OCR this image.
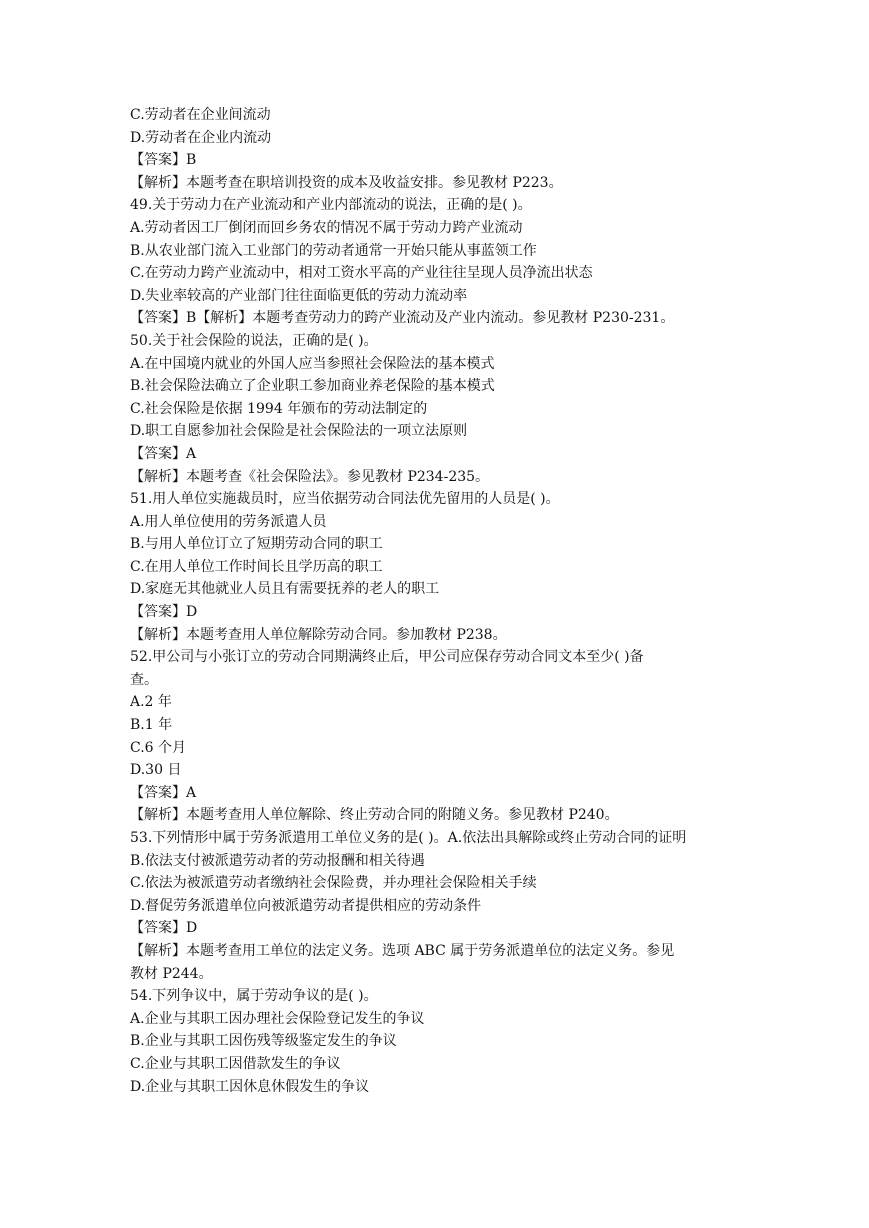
C.劳动者在企业间流动
D.劳动者在企业内流动
【答案】B
【解析】本题考查在职培训投资的成本及收益安排。参见教材 P223。
49.关于劳动力在产业流动和产业内部流动的说法，正确的是( )。
A.劳动者因工厂倒闭而回乡务农的情况不属于劳动力跨产业流动
B.从农业部门流入工业部门的劳动者通常一开始只能从事蓝领工作
C.在劳动力跨产业流动中，相对工资水平高的产业往往呈现人员净流出状态
D.失业率较高的产业部门往往面临更低的劳动力流动率
【答案】B【解析】本题考查劳动力的跨产业流动及产业内流动。参见教材 P230-231。
50.关于社会保险的说法，正确的是( )。
A.在中国境内就业的外国人应当参照社会保险法的基本模式
B.社会保险法确立了企业职工参加商业养老保险的基本模式
C.社会保险是依据 1994 年颁布的劳动法制定的
D.职工自愿参加社会保险是社会保险法的一项立法原则
【答案】A
【解析】本题考查《社会保险法》。参见教材 P234-235。
51.用人单位实施裁员时，应当依据劳动合同法优先留用的人员是( )。
A.用人单位使用的劳务派遣人员
B.与用人单位订立了短期劳动合同的职工
C.在用人单位工作时间长且学历高的职工
D.家庭无其他就业人员且有需要抚养的老人的职工
【答案】D
【解析】本题考查用人单位解除劳动合同。参加教材 P238。
52.甲公司与小张订立的劳动合同期满终止后，甲公司应保存劳动合同文本至少( )备
查。
A.2 年
B.1 年
C.6 个月
D.30 日
【答案】A
【解析】本题考查用人单位解除、终止劳动合同的附随义务。参见教材 P240。
53.下列情形中属于劳务派遣用工单位义务的是( )。A.依法出具解除或终止劳动合同的证明
B.依法支付被派遣劳动者的劳动报酬和相关待遇
C.依法为被派遣劳动者缴纳社会保险费，并办理社会保险相关手续
D.督促劳务派遣单位向被派遣劳动者提供相应的劳动条件
【答案】D
【解析】本题考查用工单位的法定义务。选项 ABC 属于劳务派遣单位的法定义务。参见
教材 P244。
54.下列争议中，属于劳动争议的是( )。
A.企业与其职工因办理社会保险登记发生的争议
B.企业与其职工因伤残等级鉴定发生的争议
C.企业与其职工因借款发生的争议
D.企业与其职工因休息休假发生的争议
